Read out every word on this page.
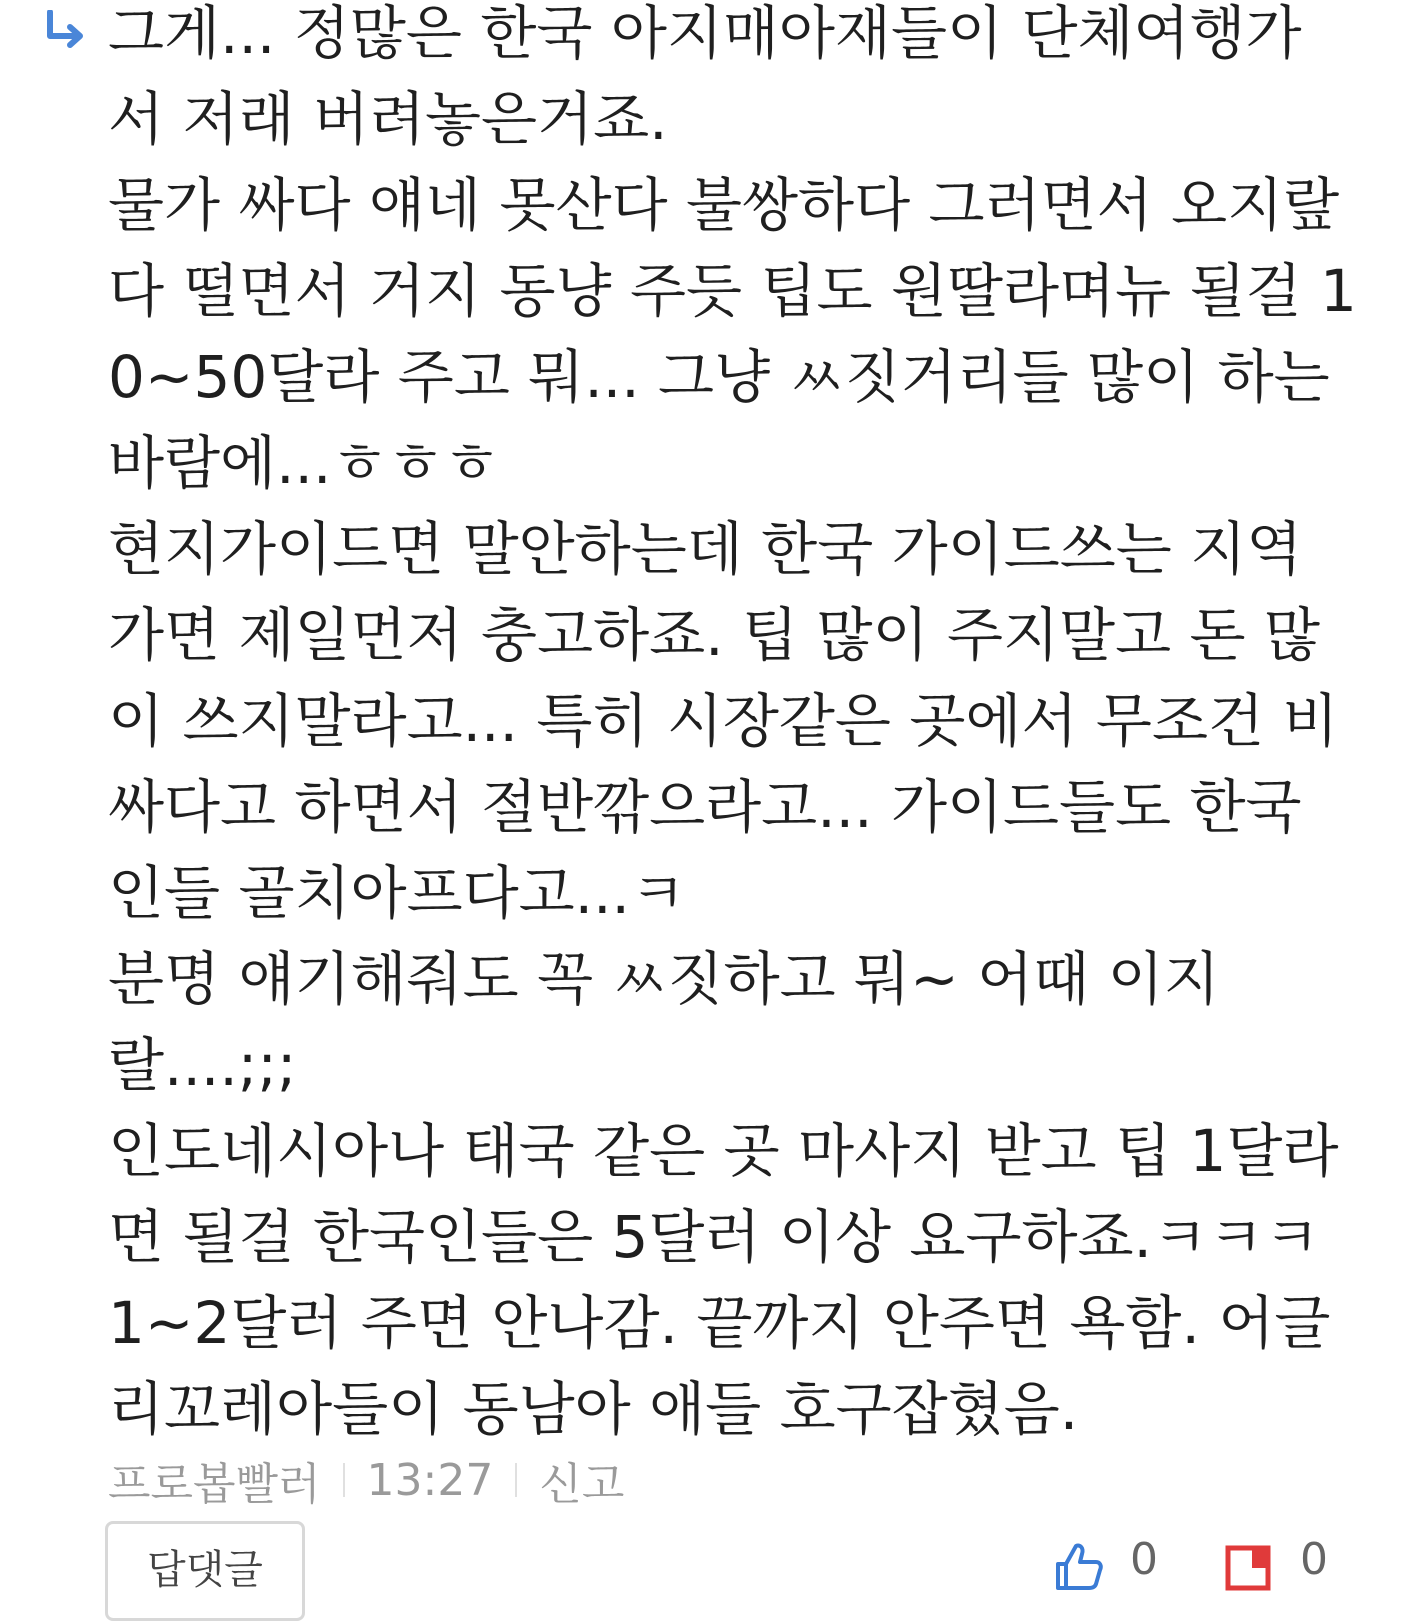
그게... 정많은 한국 아지매아재들이 단체여행가
서 저래 버려놓은거죠.
물가 싸다 얘네 못산다 불쌍하다 그러면서 오지랖
다 떨면서 거지 동냥 주듯 팁도 원딸라며뉴 될걸 1
0~50달라 주고 뭐... 그냥 ㅆ짓거리들 많이 하는
바람에...ㅎㅎㅎ
현지가이드면 말안하는데 한국 가이드쓰는 지역
가면 제일먼저 충고하죠. 팁 많이 주지말고 돈 많
이 쓰지말라고... 특히 시장같은 곳에서 무조건 비
싸다고 하면서 절반깎으라고... 가이드들도 한국
인들 골치아프다고...ㅋ
분명 얘기해줘도 꼭 ㅆ짓하고 뭐~ 어때 이지
랄....;;;
인도네시아나 태국 같은 곳 마사지 받고 팁 1달라
면 될걸 한국인들은 5달러 이상 요구하죠.ㅋㅋㅋ
1~2달러 주면 안나감. 끝까지 안주면 욕함. 어글
리꼬레아들이 동남아 애들 호구잡혔음.
프로봅빨러 13:27 신고
답댓글	0	0
